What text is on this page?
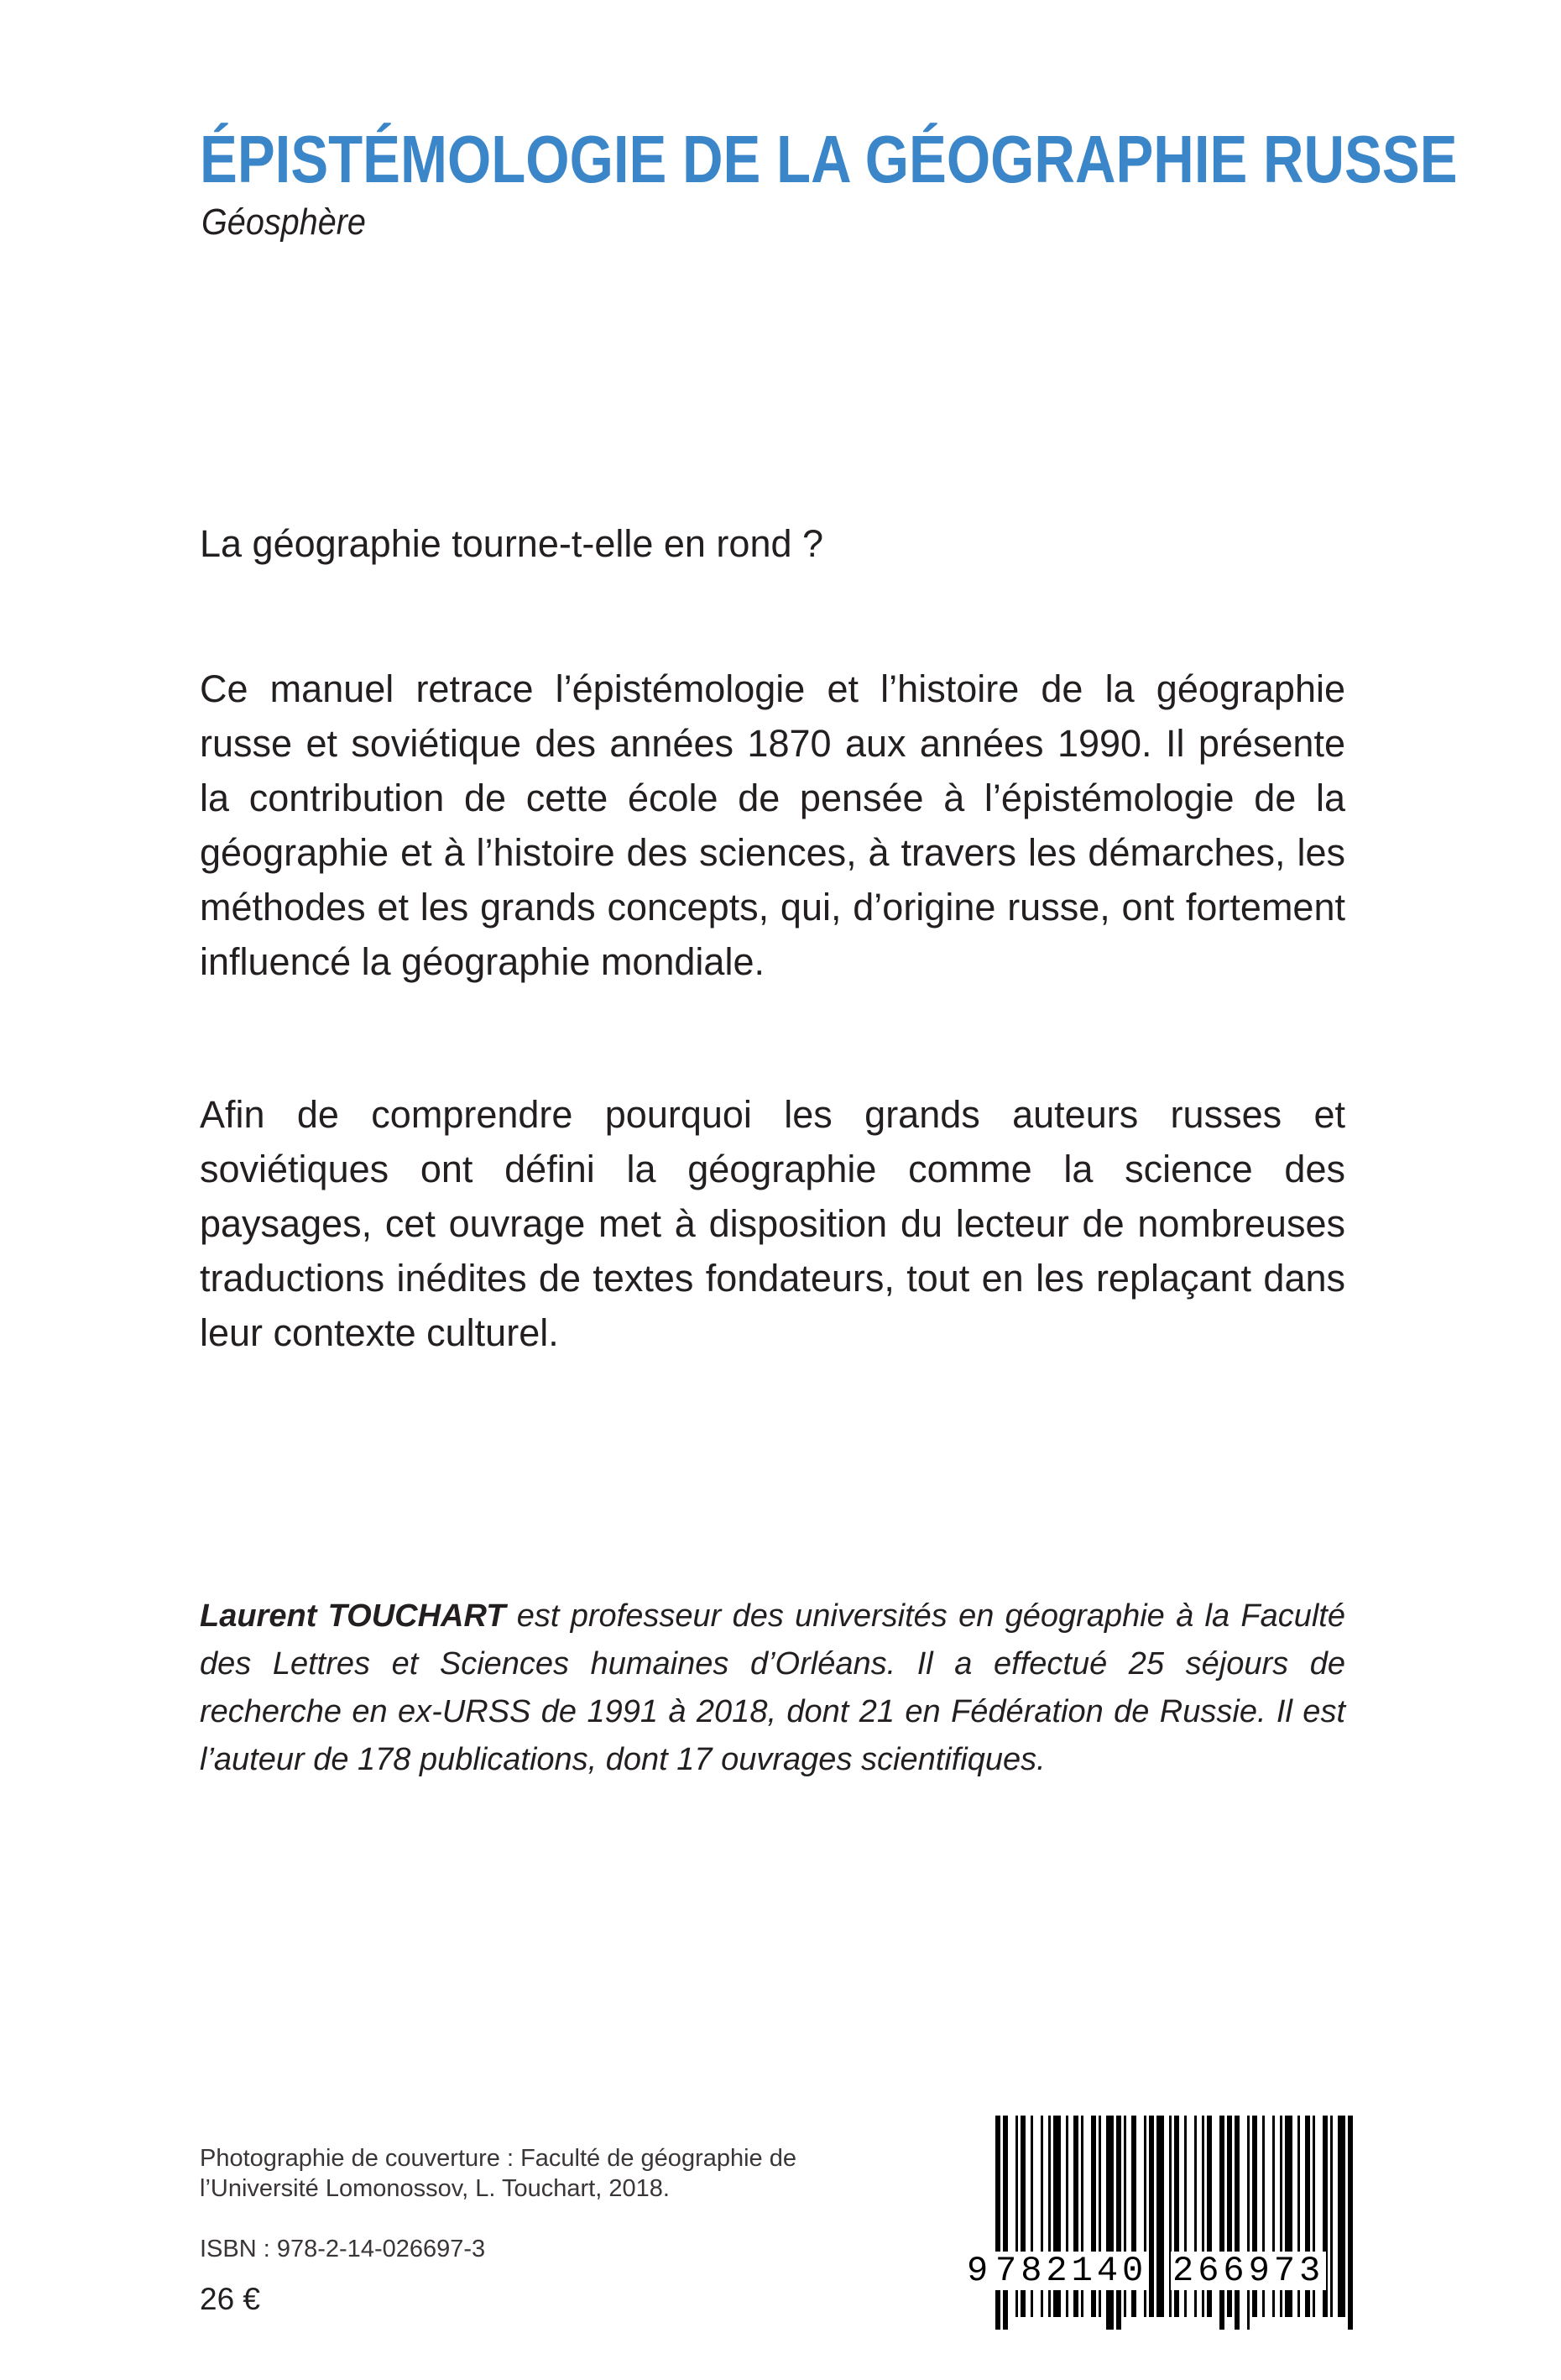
ÉPISTÉMOLOGIE DE LA GÉOGRAPHIE RUSSE
Géosphère

La géographie tourne-t-elle en rond ?

Ce manuel retrace l’épistémologie et l’histoire de la géographie russe et soviétique des années 1870 aux années 1990. Il présente la contribution de cette école de pensée à l’épistémologie de la géographie et à l’histoire des sciences, à travers les démarches, les méthodes et les grands concepts, qui, d’origine russe, ont fortement influencé la géographie mondiale.

Afin de comprendre pourquoi les grands auteurs russes et soviétiques ont défini la géographie comme la science des paysages, cet ouvrage met à disposition du lecteur de nombreuses traductions inédites de textes fondateurs, tout en les replaçant dans leur contexte culturel.

Laurent TOUCHART est professeur des universités en géographie à la Faculté des Lettres et Sciences humaines d’Orléans. Il a effectué 25 séjours de recherche en ex-URSS de 1991 à 2018, dont 21 en Fédération de Russie. Il est l’auteur de 178 publications, dont 17 ouvrages scientifiques.

Photographie de couverture : Faculté de géographie de l’Université Lomonossov, L. Touchart, 2018.

ISBN : 978-2-14-026697-3
26 €
9 782140 266973
